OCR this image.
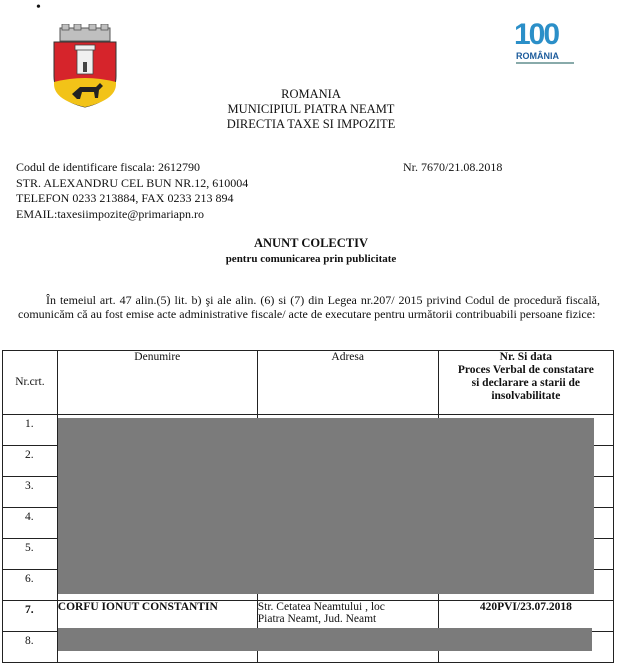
•
100
ROMÂNIA
ROMANIA
MUNICIPIUL PIATRA NEAMT
DIRECTIA TAXE SI IMPOZITE
Codul de identificare fiscala: 2612790
STR. ALEXANDRU CEL BUN NR.12, 610004
TELEFON 0233 213884, FAX 0233 213 894
EMAIL:taxesiimpozite@primariapn.ro
Nr. 7670/21.08.2018
ANUNT COLECTIV
pentru comunicarea prin publicitate
În temeiul art. 47 alin.(5) lit. b) şi ale alin. (6) si (7) din Legea nr.207/ 2015 privind Codul de procedură fiscală, comunicăm că au fost emise acte administrative fiscale/ acte de executare pentru următorii contribuabili persoane fizice:
Nr.crt.	Denumire	Adresa	Nr. Si data
Proces Verbal de constatare
si declarare a starii de
insolvabilitate

1.			
2.			
3.			
4.			
5.			
6.			
7.	CORFU IONUT CONSTANTIN	Str. Cetatea Neamtului , loc
Piatra Neamt, Jud. Neamt	420PVI/23.07.2018
8.			
